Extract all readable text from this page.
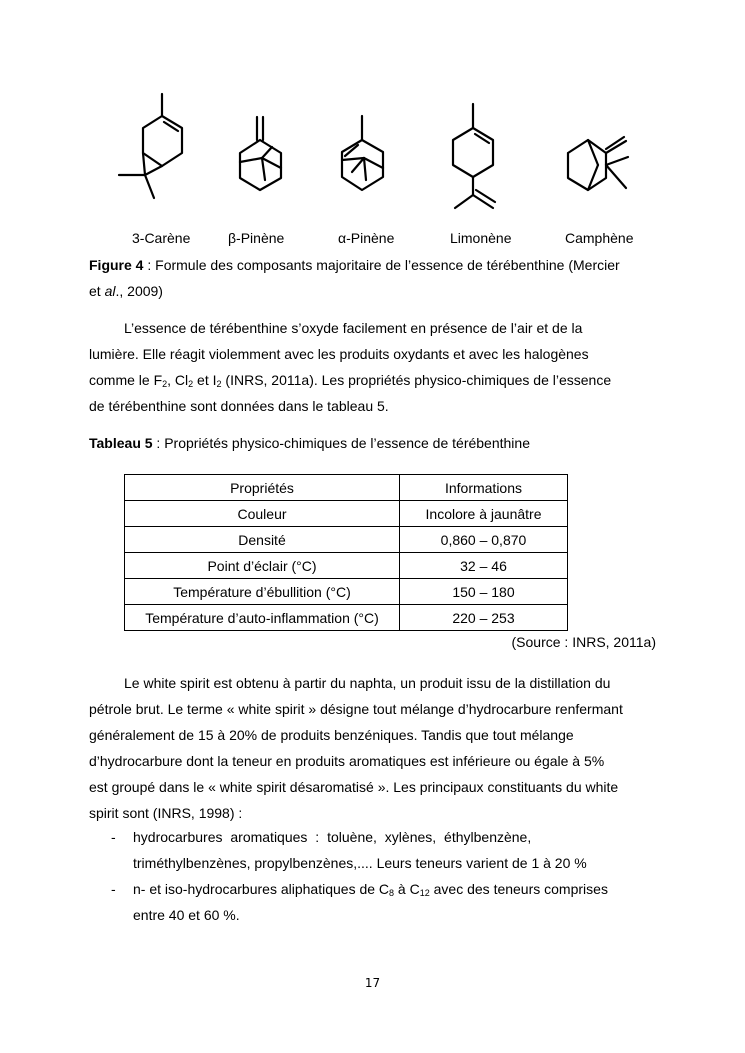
3-Carène	β-Pinène	α-Pinène	Limonène	Camphène
Figure 4 : Formule des composants majoritaire de l’essence de térébenthine (Mercier
et al., 2009)
L’essence de térébenthine s’oxyde facilement en présence de l’air et de la
lumière. Elle réagit violemment avec les produits oxydants et avec les halogènes
comme le $F_2$, $Cl_2$ et $I_2$ (INRS, 2011a). Les propriétés physico-chimiques de l’essence
de térébenthine sont données dans le tableau 5.
Tableau 5 : Propriétés physico-chimiques de l’essence de térébenthine
Propriétés	Informations
Couleur	Incolore à jaunâtre
Densité	0,860 – 0,870
Point d’éclair (°C)	32 – 46
Température d’ébullition (°C)	150 – 180
Température d’auto-inflammation (°C)	220 – 253
(Source : INRS, 2011a)
Le white spirit est obtenu à partir du naphta, un produit issu de la distillation du
pétrole brut. Le terme « white spirit » désigne tout mélange d’hydrocarbure renfermant
généralement de 15 à 20% de produits benzéniques. Tandis que tout mélange
d’hydrocarbure dont la teneur en produits aromatiques est inférieure ou égale à 5%
est groupé dans le « white spirit désaromatisé ». Les principaux constituants du white
spirit sont (INRS, 1998) :
- hydrocarbures aromatiques : toluène, xylènes, éthylbenzène,
triméthylbenzènes, propylbenzènes,.... Leurs teneurs varient de 1 à 20 %
- n- et iso-hydrocarbures aliphatiques de $C_8$ à $C_{12}$ avec des teneurs comprises
entre 40 et 60 %.
17
